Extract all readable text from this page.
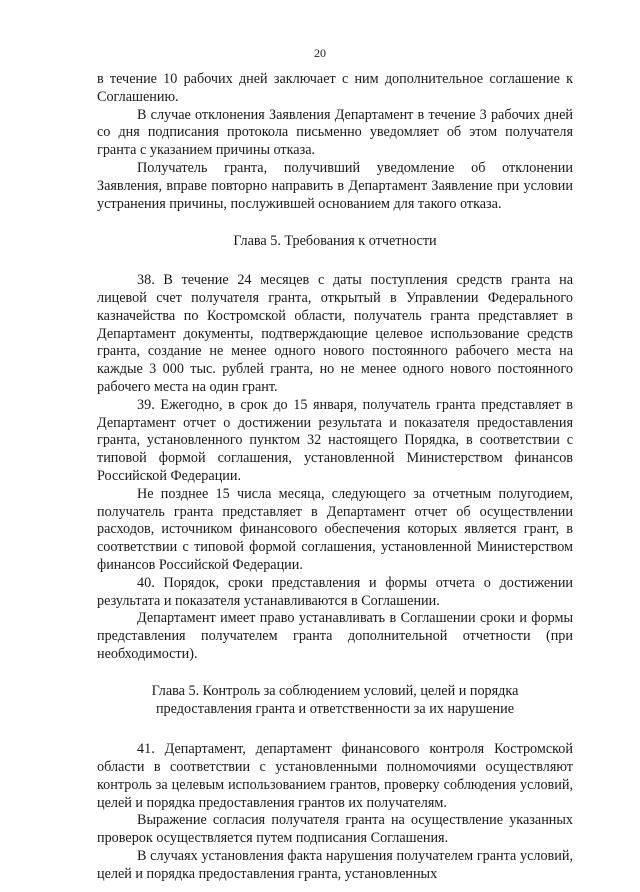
20

в течение 10 рабочих дней заключает с ним дополнительное соглашение к Соглашению.

В случае отклонения Заявления Департамент в течение 3 рабочих дней со дня подписания протокола письменно уведомляет об этом получателя гранта с указанием причины отказа.

Получатель гранта, получивший уведомление об отклонении Заявления, вправе повторно направить в Департамент Заявление при условии устранения причины, послужившей основанием для такого отказа.

Глава 5. Требования к отчетности

38. В течение 24 месяцев с даты поступления средств гранта на лицевой счет получателя гранта, открытый в Управлении Федерального казначейства по Костромской области, получатель гранта представляет в Департамент документы, подтверждающие целевое использование средств гранта, создание не менее одного нового постоянного рабочего места на каждые 3 000 тыс. рублей гранта, но не менее одного нового постоянного рабочего места на один грант.

39. Ежегодно, в срок до 15 января, получатель гранта представляет в Департамент отчет о достижении результата и показателя предоставления гранта, установленного пунктом 32 настоящего Порядка, в соответствии с типовой формой соглашения, установленной Министерством финансов Российской Федерации.

Не позднее 15 числа месяца, следующего за отчетным полугодием, получатель гранта представляет в Департамент отчет об осуществлении расходов, источником финансового обеспечения которых является грант, в соответствии с типовой формой соглашения, установленной Министерством финансов Российской Федерации.

40. Порядок, сроки представления и формы отчета о достижении результата и показателя устанавливаются в Соглашении.

Департамент имеет право устанавливать в Соглашении сроки и формы представления получателем гранта дополнительной отчетности (при необходимости).

Глава 5. Контроль за соблюдением условий, целей и порядка
предоставления гранта и ответственности за их нарушение

41. Департамент, департамент финансового контроля Костромской области в соответствии с установленными полномочиями осуществляют контроль за целевым использованием грантов, проверку соблюдения условий, целей и порядка предоставления грантов их получателям.

Выражение согласия получателя гранта на осуществление указанных проверок осуществляется путем подписания Соглашения.

В случаях установления факта нарушения получателем гранта условий, целей и порядка предоставления гранта, установленных
